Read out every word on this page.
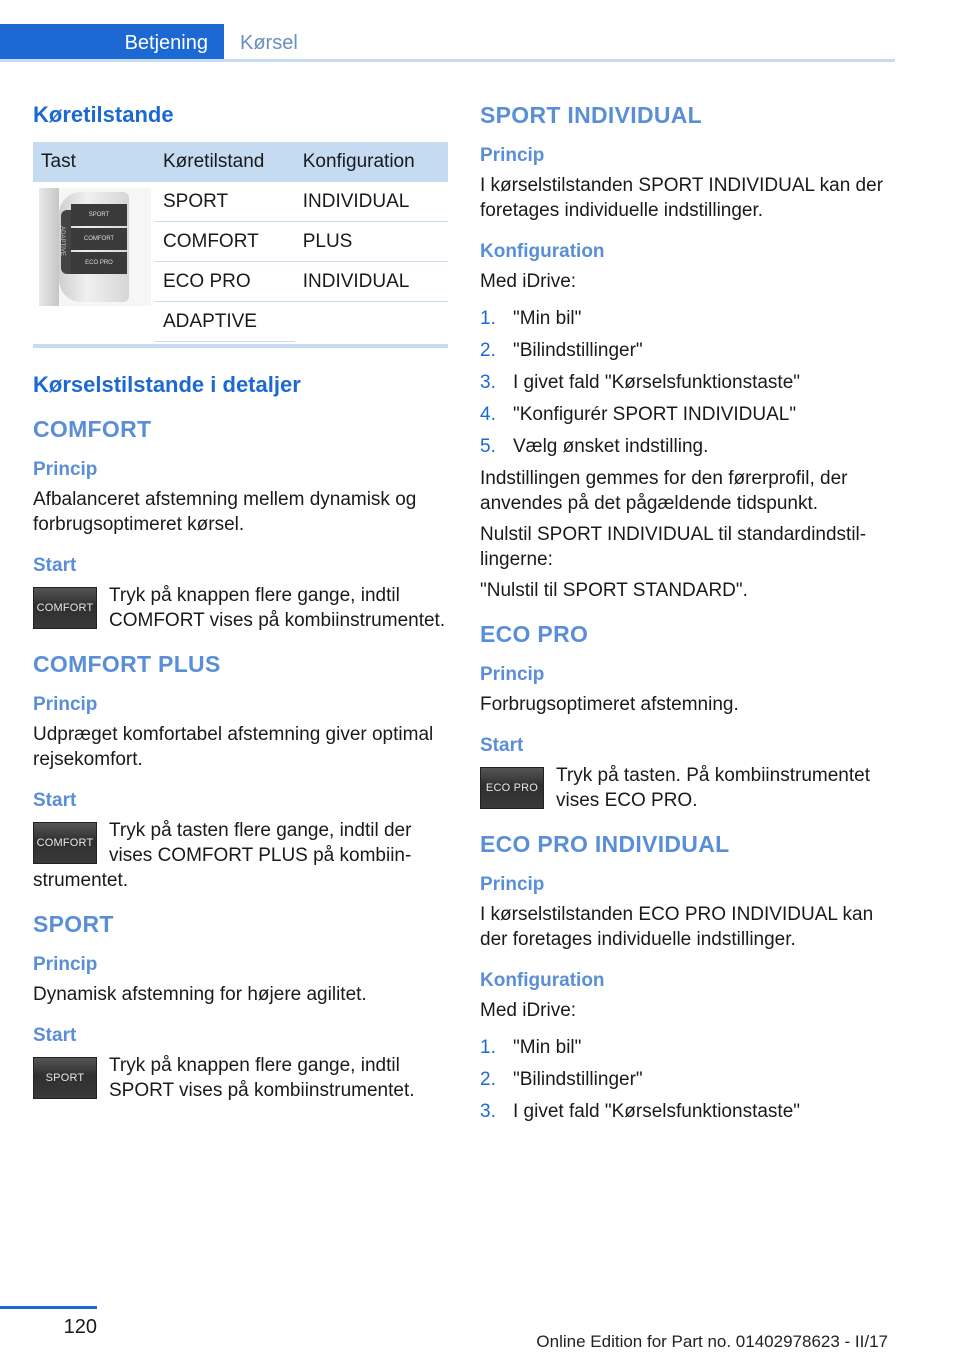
Betjening	Kørsel
Køretilstande
Tast	Køretilstand	Konfiguration

ADAPTIVE
SPORT
COMFORT
ECO PRO	SPORT	INDIVIDUAL
	COMFORT	PLUS
	ECO PRO	INDIVIDUAL
	ADAPTIVE	
Kørselstilstande i detaljer
COMFORT
Princip

Afbalanceret afstemning mellem dynamisk og forbrugsoptimeret kørsel.

Start
COMFORT
Tryk på knappen flere gange, indtil COMFORT vises på kombiinstrumentet.
COMFORT PLUS
Princip

Udpræget komfortabel afstemning giver optimal rejsekomfort.

Start
COMFORT
Tryk på tasten flere gange, indtil der vises COMFORT PLUS på kombiinstrumentet.
SPORT
Princip

Dynamisk afstemning for højere agilitet.

Start
SPORT
Tryk på knappen flere gange, indtil SPORT vises på kombiinstrumentet.
SPORT INDIVIDUAL
Princip

I kørselstilstanden SPORT INDIVIDUAL kan der foretages individuelle indstillinger.

Konfiguration

Med iDrive:

1. "Min bil"
2. "Bilindstillinger"
3. I givet fald "Kørselsfunktionstaste"
4. "Konfigurér SPORT INDIVIDUAL"
5. Vælg ønsket indstilling.

Indstillingen gemmes for den førerprofil, der anvendes på det pågældende tidspunkt.

Nulstil SPORT INDIVIDUAL til standardindstillingerne:

"Nulstil til SPORT STANDARD".

ECO PRO
Princip

Forbrugsoptimeret afstemning.

Start
ECO PRO
Tryk på tasten. På kombiinstrumentet vises ECO PRO.
ECO PRO INDIVIDUAL
Princip

I kørselstilstanden ECO PRO INDIVIDUAL kan der foretages individuelle indstillinger.

Konfiguration

Med iDrive:

1. "Min bil"
2. "Bilindstillinger"
3. I givet fald "Kørselsfunktionstaste"
120
Online Edition for Part no. 01402978623 - II/17
